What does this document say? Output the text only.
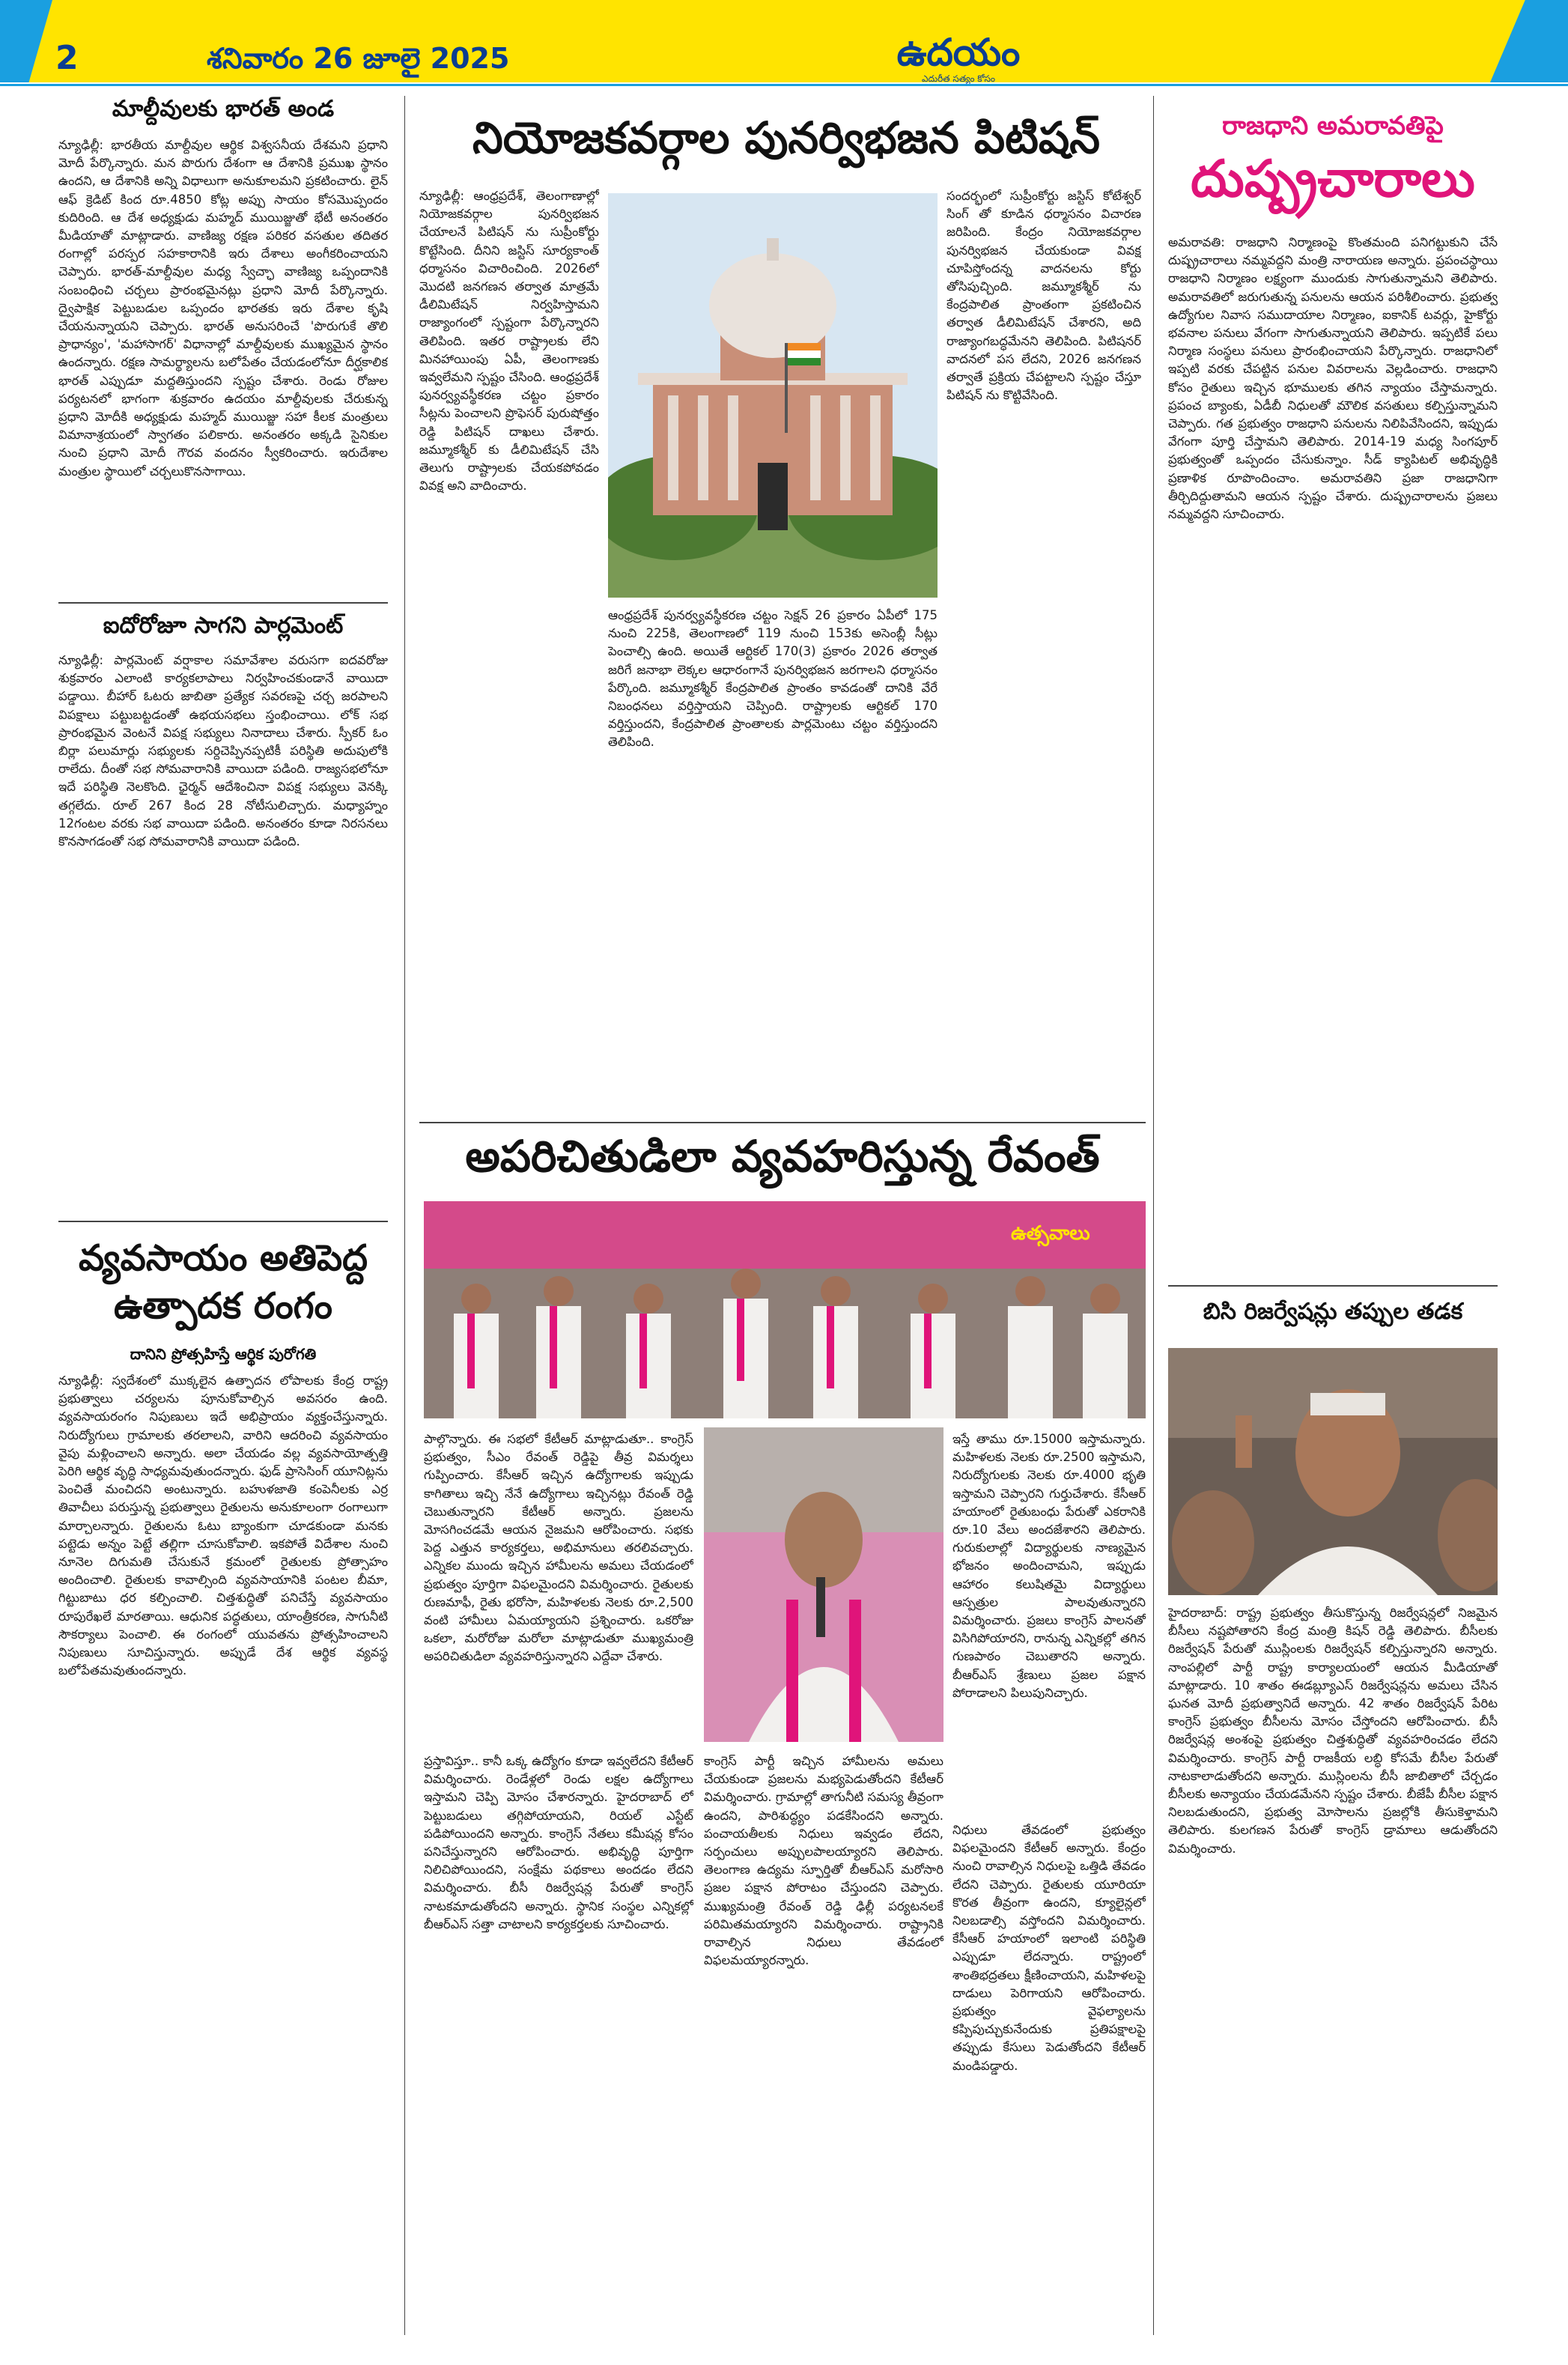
2	శనివారం 26 జూలై 2025	ఉదయం
ఎదురీత సత్యం కోసం
మాల్దీవులకు భారత్ అండ
న్యూఢిల్లీ: భారతీయ మాల్దీవుల ఆర్థిక విశ్వసనీయ దేశమని ప్రధాని మోదీ పేర్కొన్నారు. మన పొరుగు దేశంగా ఆ దేశానికి ప్రముఖ స్థానం ఉందని, ఆ దేశానికి అన్ని విధాలుగా అనుకూలమని ప్రకటించారు. లైన్ ఆఫ్ క్రెడిట్ కింద రూ.4850 కోట్ల అప్పు సాయం కోసమొప్పందం కుదిరింది. ఆ దేశ అధ్యక్షుడు మహ్మద్ ముయిజ్జుతో భేటీ అనంతరం మీడియాతో మాట్లాడారు. వాణిజ్య రక్షణ పరికర వసతుల తదితర రంగాల్లో పరస్పర సహకారానికి ఇరు దేశాలు అంగీకరించాయని చెప్పారు. భారత్-మాల్దీవుల మధ్య స్వేచ్ఛా వాణిజ్య ఒప్పందానికి సంబంధించి చర్చలు ప్రారంభమైనట్లు ప్రధాని మోదీ పేర్కొన్నారు. ద్వైపాక్షిక పెట్టుబడుల ఒప్పందం భారతకు ఇరు దేశాల కృషి చేయనున్నాయని చెప్పారు. భారత్ అనుసరించే 'పొరుగుకే తొలి ప్రాధాన్యం', 'మహాసాగర్' విధానాల్లో మాల్దీవులకు ముఖ్యమైన స్థానం ఉందన్నారు. రక్షణ సామర్థ్యాలను బలోపేతం చేయడంలోనూ దీర్ఘకాలిక భారత్ ఎప్పుడూ మద్దతిస్తుందని స్పష్టం చేశారు. రెండు రోజుల పర్యటనలో భాగంగా శుక్రవారం ఉదయం మాల్దీవులకు చేరుకున్న ప్రధాని మోదీకి అధ్యక్షుడు మహ్మద్ ముయిజ్జు సహా కీలక మంత్రులు విమానాశ్రయంలో స్వాగతం పలికారు. అనంతరం అక్కడి సైనికుల నుంచి ప్రధాని మోదీ గౌరవ వందనం స్వీకరించారు. ఇరుదేశాల మంత్రుల స్థాయిలో చర్చలుకొనసాగాయి.
ఐదోరోజూ సాగని పార్లమెంట్
న్యూఢిల్లీ: పార్లమెంట్ వర్షాకాల సమావేశాల వరుసగా ఐదవరోజు శుక్రవారం ఎలాంటి కార్యకలాపాలు నిర్వహించకుండానే వాయిదా పడ్డాయి. బీహార్ ఓటరు జాబితా ప్రత్యేక సవరణపై చర్చ జరపాలని విపక్షాలు పట్టుబట్టడంతో ఉభయసభలు స్తంభించాయి. లోక్ సభ ప్రారంభమైన వెంటనే విపక్ష సభ్యులు నినాదాలు చేశారు. స్పీకర్ ఓం బిర్లా పలుమార్లు సభ్యులకు సర్దిచెప్పినప్పటికీ పరిస్థితి అదుపులోకి రాలేదు. దీంతో సభ సోమవారానికి వాయిదా పడింది. రాజ్యసభలోనూ ఇదే పరిస్థితి నెలకొంది. ఛైర్మన్ ఆదేశించినా విపక్ష సభ్యులు వెనక్కి తగ్గలేదు. రూల్ 267 కింద 28 నోటీసులిచ్చారు. మధ్యాహ్నం 12గంటల వరకు సభ వాయిదా పడింది. అనంతరం కూడా నిరసనలు కొనసాగడంతో సభ సోమవారానికి వాయిదా పడింది.
వ్యవసాయం అతిపెద్ద ఉత్పాదక రంగం
దానిని ప్రోత్సహిస్తే ఆర్థిక పురోగతి
న్యూఢిల్లీ: స్వదేశంలో ముక్కలైన ఉత్పాదన లోపాలకు కేంద్ర రాష్ట్ర ప్రభుత్వాలు చర్యలను పూనుకోవాల్సిన అవసరం ఉంది. వ్యవసాయరంగం నిపుణులు ఇదే అభిప్రాయం వ్యక్తంచేస్తున్నారు. నిరుద్యోగులు గ్రామాలకు తరలాలని, వారిని ఆదరించి వ్యవసాయం వైపు మళ్లించాలని అన్నారు. అలా చేయడం వల్ల వ్యవసాయోత్పత్తి పెరిగి ఆర్థిక వృద్ధి సాధ్యమవుతుందన్నారు. ఫుడ్ ప్రాసెసింగ్ యూనిట్లను పెంచితే మంచిదని అంటున్నారు. బహుళజాతి కంపెనీలకు ఎర్ర తివాచీలు పరుస్తున్న ప్రభుత్వాలు రైతులను అనుకూలంగా రంగాలుగా మార్చాలన్నారు. రైతులను ఓటు బ్యాంకుగా చూడకుండా మనకు పట్టెడు అన్నం పెట్టే తల్లిగా చూసుకోవాలి. ఇకపోతే విదేశాల నుంచి నూనెల దిగుమతి చేసుకునే క్రమంలో రైతులకు ప్రోత్సాహం అందించాలి. రైతులకు కావాల్సింది వ్యవసాయానికి పంటల బీమా, గిట్టుబాటు ధర కల్పించాలి. చిత్తశుద్ధితో పనిచేస్తే వ్యవసాయం రూపురేఖలే మారతాయి. ఆధునిక పద్ధతులు, యాంత్రీకరణ, సాగునీటి సౌకర్యాలు పెంచాలి. ఈ రంగంలో యువతను ప్రోత్సహించాలని నిపుణులు సూచిస్తున్నారు. అప్పుడే దేశ ఆర్థిక వ్యవస్థ బలోపేతమవుతుందన్నారు.
నియోజకవర్గాల పునర్విభజన పిటిషన్
న్యూఢిల్లీ: ఆంధ్రప్రదేశ్, తెలంగాణాల్లో నియోజకవర్గాల పునర్విభజన చేయాలనే పిటిషన్ ను సుప్రీంకోర్టు కొట్టేసింది. దీనిని జస్టిస్ సూర్యకాంత్ ధర్మాసనం విచారించింది. 2026లో మొదటి జనగణన తర్వాత మాత్రమే డీలిమిటేషన్ నిర్వహిస్తామని రాజ్యాంగంలో స్పష్టంగా పేర్కొన్నారని తెలిపింది. ఇతర రాష్ట్రాలకు లేని మినహాయింపు ఏపీ, తెలంగాణకు ఇవ్వలేమని స్పష్టం చేసింది. ఆంధ్రప్రదేశ్ పునర్వ్యవస్థీకరణ చట్టం ప్రకారం సీట్లను పెంచాలని ప్రొఫెసర్ పురుషోత్తం రెడ్డి పిటిషన్ దాఖలు చేశారు. జమ్మూకశ్మీర్ కు డీలిమిటేషన్ చేసి తెలుగు రాష్ట్రాలకు చేయకపోవడం వివక్ష అని వాదించారు.
ఆంధ్రప్రదేశ్ పునర్వ్యవస్థీకరణ చట్టం సెక్షన్ 26 ప్రకారం ఏపీలో 175 నుంచి 225కి, తెలంగాణలో 119 నుంచి 153కు అసెంబ్లీ సీట్లు పెంచాల్సి ఉంది. అయితే ఆర్టికల్ 170(3) ప్రకారం 2026 తర్వాత జరిగే జనాభా లెక్కల ఆధారంగానే పునర్విభజన జరగాలని ధర్మాసనం పేర్కొంది. జమ్మూకశ్మీర్ కేంద్రపాలిత ప్రాంతం కావడంతో దానికి వేరే నిబంధనలు వర్తిస్తాయని చెప్పింది. రాష్ట్రాలకు ఆర్టికల్ 170 వర్తిస్తుందని, కేంద్రపాలిత ప్రాంతాలకు పార్లమెంటు చట్టం వర్తిస్తుందని తెలిపింది.
సందర్భంలో సుప్రీంకోర్టు జస్టిస్ కోటేశ్వర్ సింగ్ తో కూడిన ధర్మాసనం విచారణ జరిపింది. కేంద్రం నియోజకవర్గాల పునర్విభజన చేయకుండా వివక్ష చూపిస్తోందన్న వాదనలను కోర్టు తోసిపుచ్చింది. జమ్మూకశ్మీర్ ను కేంద్రపాలిత ప్రాంతంగా ప్రకటించిన తర్వాత డీలిమిటేషన్ చేశారని, అది రాజ్యాంగబద్ధమేనని తెలిపింది. పిటిషనర్ వాదనలో పస లేదని, 2026 జనగణన తర్వాతే ప్రక్రియ చేపట్టాలని స్పష్టం చేస్తూ పిటిషన్ ను కొట్టివేసింది.
రాజధాని అమరావతిపై
దుష్ప్రచారాలు
అమరావతి: రాజధాని నిర్మాణంపై కొంతమంది పనిగట్టుకుని చేసే దుష్ప్రచారాలు నమ్మవద్దని మంత్రి నారాయణ అన్నారు. ప్రపంచస్థాయి రాజధాని నిర్మాణం లక్ష్యంగా ముందుకు సాగుతున్నామని తెలిపారు. అమరావతిలో జరుగుతున్న పనులను ఆయన పరిశీలించారు. ప్రభుత్వ ఉద్యోగుల నివాస సముదాయాల నిర్మాణం, ఐకానిక్ టవర్లు, హైకోర్టు భవనాల పనులు వేగంగా సాగుతున్నాయని తెలిపారు. ఇప్పటికే పలు నిర్మాణ సంస్థలు పనులు ప్రారంభించాయని పేర్కొన్నారు. రాజధానిలో ఇప్పటి వరకు చేపట్టిన పనుల వివరాలను వెల్లడించారు. రాజధాని కోసం రైతులు ఇచ్చిన భూములకు తగిన న్యాయం చేస్తామన్నారు. ప్రపంచ బ్యాంకు, ఏడీబీ నిధులతో మౌలిక వసతులు కల్పిస్తున్నామని చెప్పారు. గత ప్రభుత్వం రాజధాని పనులను నిలిపివేసిందని, ఇప్పుడు వేగంగా పూర్తి చేస్తామని తెలిపారు. 2014-19 మధ్య సింగపూర్ ప్రభుత్వంతో ఒప్పందం చేసుకున్నాం. సీడ్ క్యాపిటల్ అభివృద్ధికి ప్రణాళిక రూపొందించాం. అమరావతిని ప్రజా రాజధానిగా తీర్చిదిద్దుతామని ఆయన స్పష్టం చేశారు. దుష్ప్రచారాలను ప్రజలు నమ్మవద్దని సూచించారు.
బిసి రిజర్వేషన్లు తప్పుల తడక
హైదరాబాద్: రాష్ట్ర ప్రభుత్వం తీసుకొస్తున్న రిజర్వేషన్లలో నిజమైన బీసీలు నష్టపోతారని కేంద్ర మంత్రి కిషన్ రెడ్డి తెలిపారు. బీసీలకు రిజర్వేషన్ పేరుతో ముస్లింలకు రిజర్వేషన్ కల్పిస్తున్నారని అన్నారు. నాంపల్లిలో పార్టీ రాష్ట్ర కార్యాలయంలో ఆయన మీడియాతో మాట్లాడారు. 10 శాతం ఈడబ్ల్యూఎస్ రిజర్వేషన్లను అమలు చేసిన ఘనత మోదీ ప్రభుత్వానిదే అన్నారు. 42 శాతం రిజర్వేషన్ పేరిట కాంగ్రెస్ ప్రభుత్వం బీసీలను మోసం చేస్తోందని ఆరోపించారు. బీసీ రిజర్వేషన్ల అంశంపై ప్రభుత్వం చిత్తశుద్ధితో వ్యవహరించడం లేదని విమర్శించారు. కాంగ్రెస్ పార్టీ రాజకీయ లబ్ధి కోసమే బీసీల పేరుతో నాటకాలాడుతోందని అన్నారు. ముస్లింలను బీసీ జాబితాలో చేర్చడం బీసీలకు అన్యాయం చేయడమేనని స్పష్టం చేశారు. బీజేపీ బీసీల పక్షాన నిలబడుతుందని, ప్రభుత్వ మోసాలను ప్రజల్లోకి తీసుకెళ్తామని తెలిపారు. కులగణన పేరుతో కాంగ్రెస్ డ్రామాలు ఆడుతోందని విమర్శించారు.
అపరిచితుడిలా వ్యవహరిస్తున్న రేవంత్
ఉత్సవాలు
పాల్గొన్నారు. ఈ సభలో కేటీఆర్ మాట్లాడుతూ.. కాంగ్రెస్ ప్రభుత్వం, సీఎం రేవంత్ రెడ్డిపై తీవ్ర విమర్శలు గుప్పించారు. కేసీఆర్ ఇచ్చిన ఉద్యోగాలకు ఇప్పుడు కాగితాలు ఇచ్చి నేనే ఉద్యోగాలు ఇచ్చినట్లు రేవంత్ రెడ్డి చెబుతున్నారని కేటీఆర్ అన్నారు. ప్రజలను మోసగించడమే ఆయన నైజమని ఆరోపించారు. సభకు పెద్ద ఎత్తున కార్యకర్తలు, అభిమానులు తరలివచ్చారు. ఎన్నికల ముందు ఇచ్చిన హామీలను అమలు చేయడంలో ప్రభుత్వం పూర్తిగా విఫలమైందని విమర్శించారు. రైతులకు రుణమాఫీ, రైతు భరోసా, మహిళలకు నెలకు రూ.2,500 వంటి హామీలు ఏమయ్యాయని ప్రశ్నించారు. ఒకరోజు ఒకలా, మరోరోజు మరోలా మాట్లాడుతూ ముఖ్యమంత్రి అపరిచితుడిలా వ్యవహరిస్తున్నారని ఎద్దేవా చేశారు.
ఇస్తే తాము రూ.15000 ఇస్తామన్నారు. మహిళలకు నెలకు రూ.2500 ఇస్తామని, నిరుద్యోగులకు నెలకు రూ.4000 భృతి ఇస్తామని చెప్పారని గుర్తుచేశారు. కేసీఆర్ హయాంలో రైతుబంధు పేరుతో ఎకరానికి రూ.10 వేలు అందజేశారని తెలిపారు. గురుకులాల్లో విద్యార్థులకు నాణ్యమైన భోజనం అందించామని, ఇప్పుడు ఆహారం కలుషితమై విద్యార్థులు ఆస్పత్రుల పాలవుతున్నారని విమర్శించారు. ప్రజలు కాంగ్రెస్ పాలనతో విసిగిపోయారని, రానున్న ఎన్నికల్లో తగిన గుణపాఠం చెబుతారని అన్నారు. బీఆర్ఎస్ శ్రేణులు ప్రజల పక్షాన పోరాడాలని పిలుపునిచ్చారు.
ప్రస్తావిస్తూ.. కానీ ఒక్క ఉద్యోగం కూడా ఇవ్వలేదని కేటీఆర్ విమర్శించారు. రెండేళ్లలో రెండు లక్షల ఉద్యోగాలు ఇస్తామని చెప్పి మోసం చేశారన్నారు. హైదరాబాద్ లో పెట్టుబడులు తగ్గిపోయాయని, రియల్ ఎస్టేట్ పడిపోయిందని అన్నారు. కాంగ్రెస్ నేతలు కమీషన్ల కోసం పనిచేస్తున్నారని ఆరోపించారు. అభివృద్ధి పూర్తిగా నిలిచిపోయిందని, సంక్షేమ పథకాలు అందడం లేదని విమర్శించారు. బీసీ రిజర్వేషన్ల పేరుతో కాంగ్రెస్ నాటకమాడుతోందని అన్నారు. స్థానిక సంస్థల ఎన్నికల్లో బీఆర్ఎస్ సత్తా చాటాలని కార్యకర్తలకు సూచించారు.
కాంగ్రెస్ పార్టీ ఇచ్చిన హామీలను అమలు చేయకుండా ప్రజలను మభ్యపెడుతోందని కేటీఆర్ విమర్శించారు. గ్రామాల్లో తాగునీటి సమస్య తీవ్రంగా ఉందని, పారిశుద్ధ్యం పడకేసిందని అన్నారు. పంచాయతీలకు నిధులు ఇవ్వడం లేదని, సర్పంచులు అప్పులపాలయ్యారని తెలిపారు. తెలంగాణ ఉద్యమ స్ఫూర్తితో బీఆర్ఎస్ మరోసారి ప్రజల పక్షాన పోరాటం చేస్తుందని చెప్పారు. ముఖ్యమంత్రి రేవంత్ రెడ్డి ఢిల్లీ పర్యటనలకే పరిమితమయ్యారని విమర్శించారు. రాష్ట్రానికి రావాల్సిన నిధులు తేవడంలో విఫలమయ్యారన్నారు.
నిధులు తేవడంలో ప్రభుత్వం విఫలమైందని కేటీఆర్ అన్నారు. కేంద్రం నుంచి రావాల్సిన నిధులపై ఒత్తిడి తేవడం లేదని చెప్పారు. రైతులకు యూరియా కొరత తీవ్రంగా ఉందని, క్యూలైన్లలో నిలబడాల్సి వస్తోందని విమర్శించారు. కేసీఆర్ హయాంలో ఇలాంటి పరిస్థితి ఎప్పుడూ లేదన్నారు. రాష్ట్రంలో శాంతిభద్రతలు క్షీణించాయని, మహిళలపై దాడులు పెరిగాయని ఆరోపించారు. ప్రభుత్వం వైఫల్యాలను కప్పిపుచ్చుకునేందుకు ప్రతిపక్షాలపై తప్పుడు కేసులు పెడుతోందని కేటీఆర్ మండిపడ్డారు.
